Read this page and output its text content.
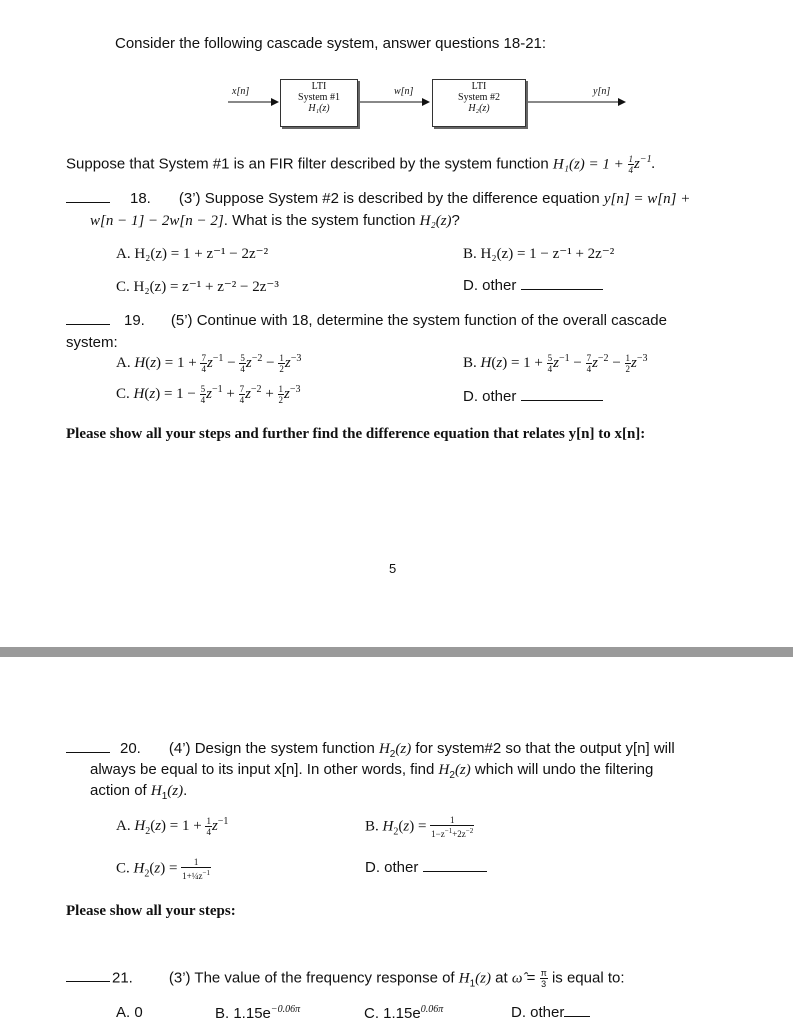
Consider the following cascade system, answer questions 18-21:
x[n]	w[n]	y[n]
LTI
System #1
H₁(z)
LTI
System #2
H₂(z)
Suppose that System #1 is an FIR filter described by the system function $H_1(z) = 1 + \frac{1}{4} z^{-1}$.
18. (3’) Suppose System #2 is described by the difference equation y[n] = w[n] +
w[n − 1] − 2w[n − 2]. What is the system function H₂(z)?
A. H₂(z) = 1 + z⁻¹ − 2z⁻²	B. H₂(z) = 1 − z⁻¹ + 2z⁻²
C. H₂(z) = z⁻¹ + z⁻² − 2z⁻³	D. other
19. (5’) Continue with 18, determine the system function of the overall cascade
system:
A. $H(z) = 1 + \frac{7}{4} z^{-1} - \frac{5}{4} z^{-2} - \frac{1}{2} z^{-3}$	B. $H(z) = 1 + \frac{5}{4} z^{-1} - \frac{7}{4} z^{-2} - \frac{1}{2} z^{-3}$
C. $H(z) = 1 - \frac{5}{4} z^{-1} + \frac{7}{4} z^{-2} + \frac{1}{2} z^{-3}$	D. other
Please show all your steps and further find the difference equation that relates y[n] to x[n]:
5
20. (4’) Design the system function $H_2(z)$ for system#2 so that the output y[n] will
always be equal to its input x[n]. In other words, find $H_2(z)$ which will undo the filtering
action of $H_1(z)$.
A. $H_2(z) = 1 + \frac{1}{4} z^{-1}$	B. $H_2(z) = \frac{1}{1-z^{-1}+2z^{-2}}$
C. $H_2(z) = \frac{1}{1+\frac{1}{4}z^{-1}}$	D. other
Please show all your steps:
21. (3’) The value of the frequency response of $H_1(z)$ at ω̂ = $\frac{\pi}{3}$ is equal to:
A. 0	B. $1.15e^{-0.06\pi}$	C. $1.15e^{0.06\pi}$	D. other
